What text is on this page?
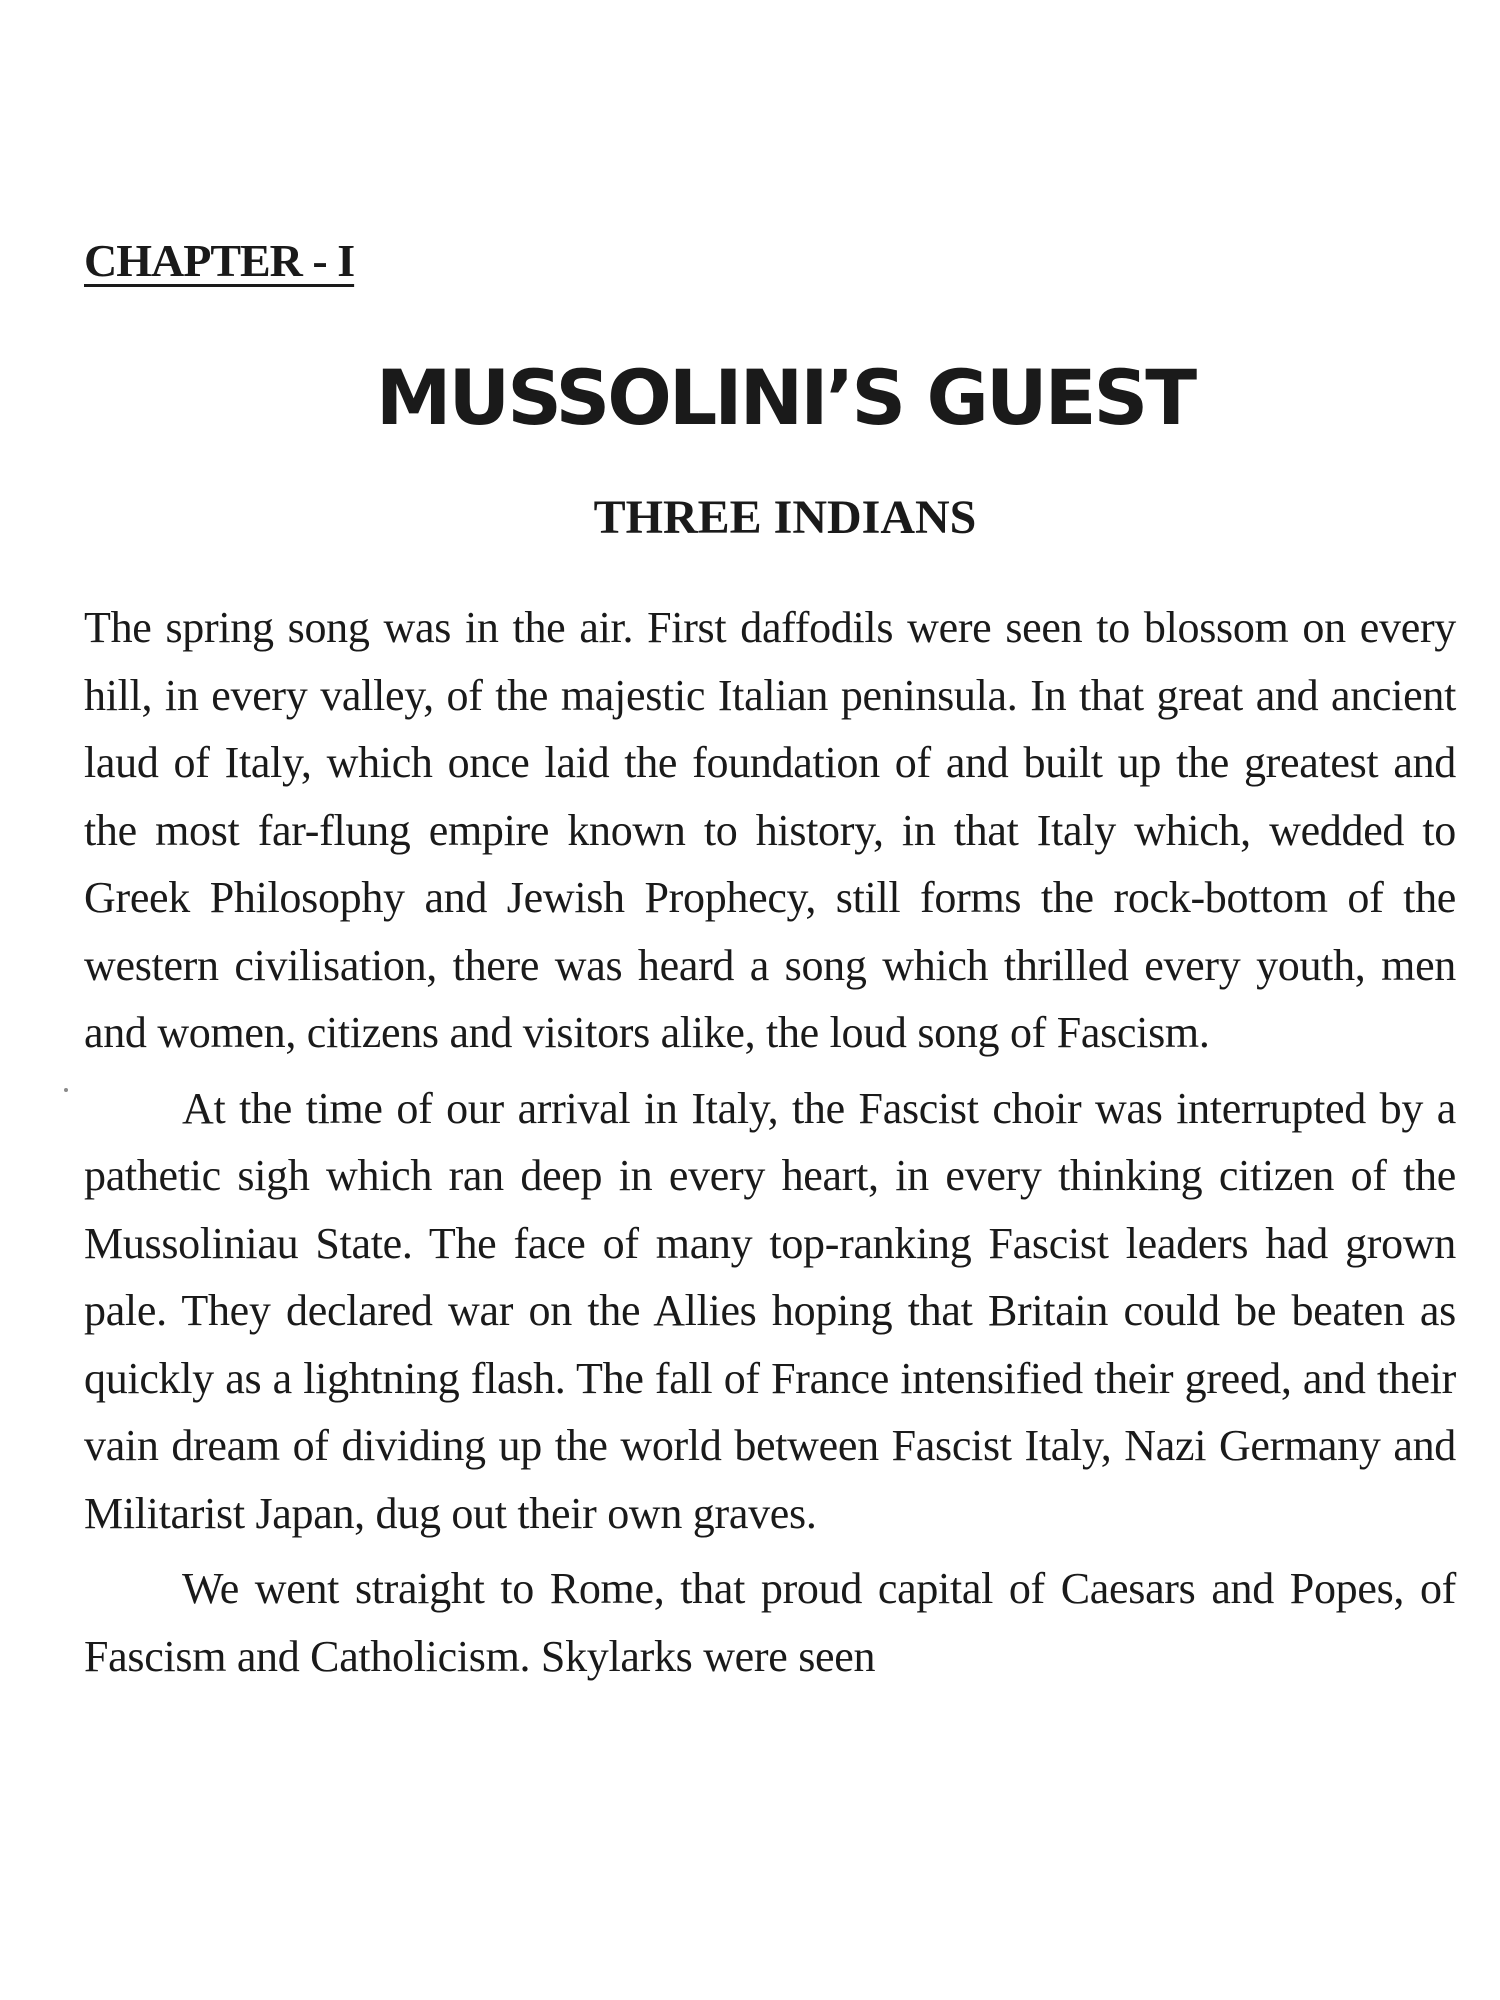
CHAPTER - I
MUSSOLINI’S GUEST
THREE INDIANS

The spring song was in the air. First daffodils were seen to blossom on every hill, in every valley, of the majestic Italian peninsula. In that great and ancient laud of Italy, which once laid the foundation of and built up the greatest and the most far-flung empire known to history, in that Italy which, wedded to Greek Philosophy and Jewish Prophecy, still forms the rock-bottom of the western civilisation, there was heard a song which thrilled every youth, men and women, citizens and visitors alike, the loud song of Fascism.

At the time of our arrival in Italy, the Fascist choir was interrupted by a pathetic sigh which ran deep in every heart, in every thinking citizen of the Mussoliniau State. The face of many top-ranking Fascist leaders had grown pale. They declared war on the Allies hoping that Britain could be beaten as quickly as a lightning flash. The fall of France intensified their greed, and their vain dream of dividing up the world between Fascist Italy, Nazi Germany and Militarist Japan, dug out their own graves.

We went straight to Rome, that proud capital of Caesars and Popes, of Fascism and Catholicism. Skylarks were seen
